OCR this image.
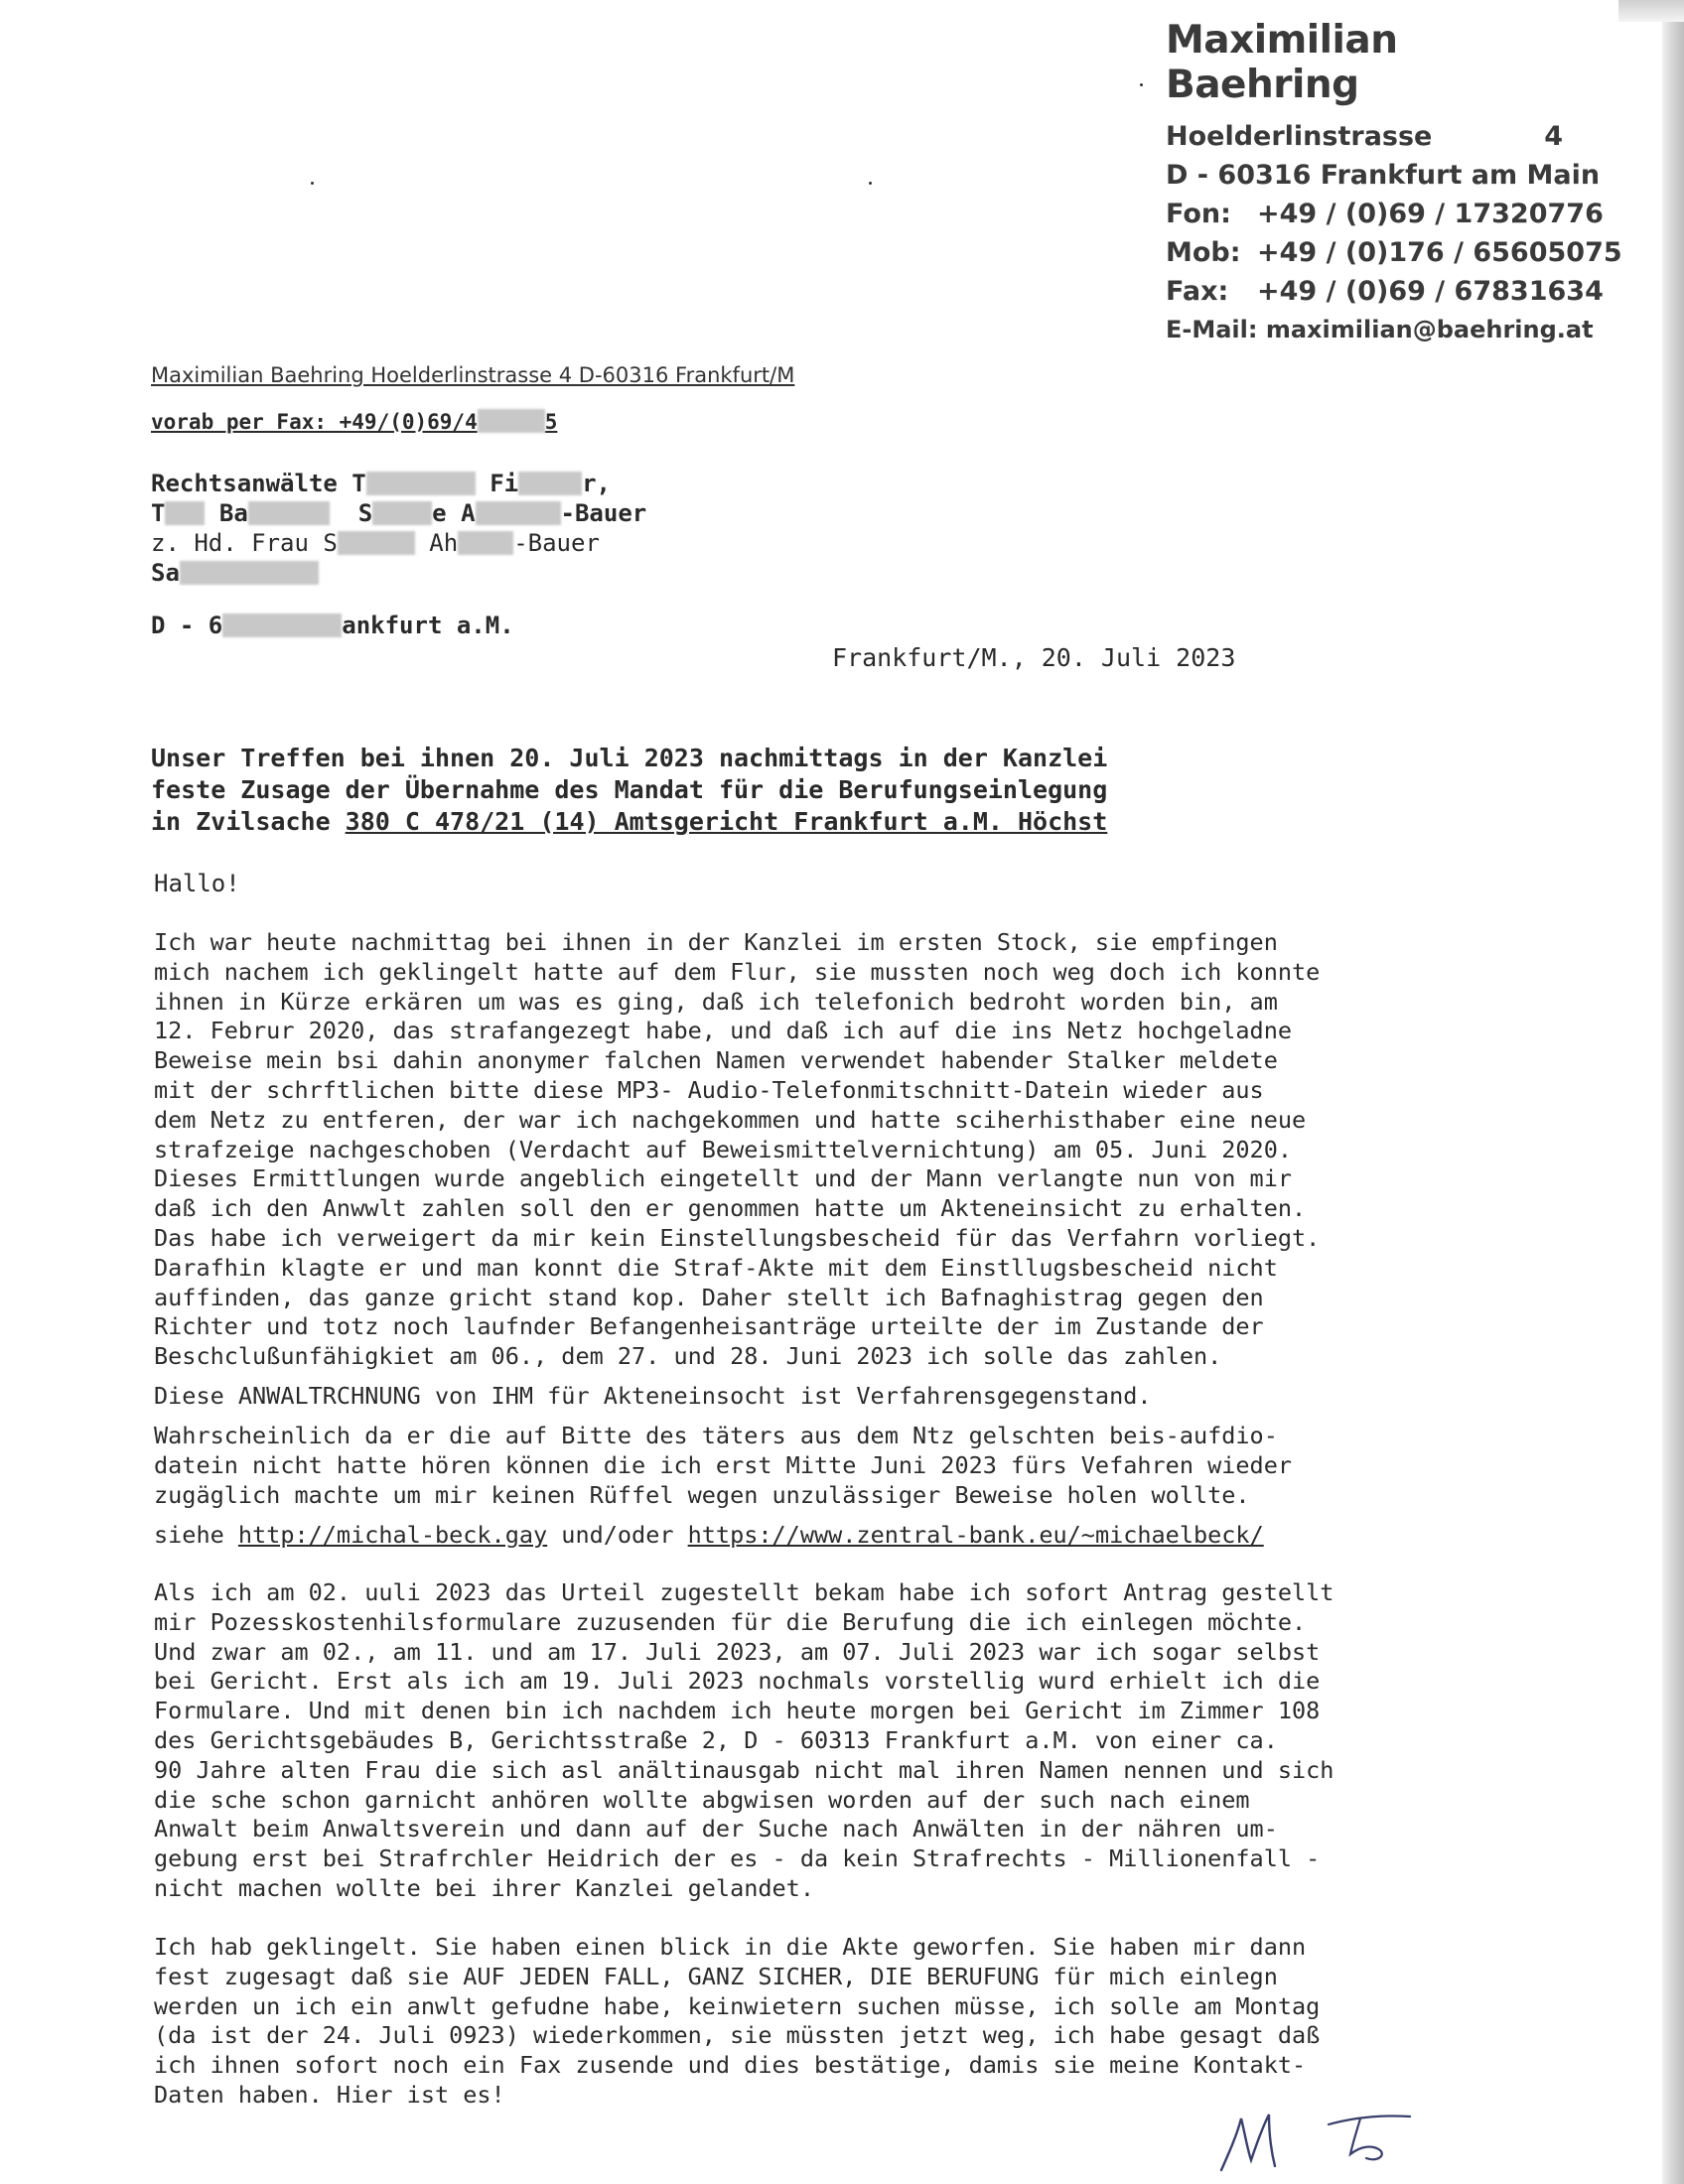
Maximilian Baehring
Hoelderlinstrasse	4
D - 60316 Frankfurt am Main
Fon: +49 / (0)69 / 17320776
Mob: +49 / (0)176 / 65605075
Fax: +49 / (0)69 / 67831634
E-Mail: maximilian@baehring.at
Maximilian Baehring Hoelderlinstrasse 4 D-60316 Frankfurt/M
vorab per Fax: +49/(0)69/4	5
Rechtsanwälte T	Fi	r,
T Ba	S	e A	-Bauer
z. Hd. Frau S	Ah -Bauer
Sa
D - 6	ankfurt a.M.
Frankfurt/M., 20. Juli 2023
Unser Treffen bei ihnen 20. Juli 2023 nachmittags in der Kanzlei
feste Zusage der Übernahme des Mandat für die Berufungseinlegung
in Zvilsache 380 C 478/21 (14) Amtsgericht Frankfurt a.M. Höchst
Hallo!
Ich war heute nachmittag bei ihnen in der Kanzlei im ersten Stock, sie empfingen
mich nachem ich geklingelt hatte auf dem Flur, sie mussten noch weg doch ich konnte
ihnen in Kürze erkären um was es ging, daß ich telefonich bedroht worden bin, am
12. Februr 2020, das strafangezegt habe, und daß ich auf die ins Netz hochgeladne
Beweise mein bsi dahin anonymer falchen Namen verwendet habender Stalker meldete
mit der schrftlichen bitte diese MP3- Audio-Telefonmitschnitt-Datein wieder aus
dem Netz zu entferen, der war ich nachgekommen und hatte sciherhisthaber eine neue
strafzeige nachgeschoben (Verdacht auf Beweismittelvernichtung) am 05. Juni 2020.
Dieses Ermittlungen wurde angeblich eingetellt und der Mann verlangte nun von mir
daß ich den Anwwlt zahlen soll den er genommen hatte um Akteneinsicht zu erhalten.
Das habe ich verweigert da mir kein Einstellungsbescheid für das Verfahrn vorliegt.
Darafhin klagte er und man konnt die Straf-Akte mit dem Einstllugsbescheid nicht
auffinden, das ganze gricht stand kop. Daher stellt ich Bafnaghistrag gegen den
Richter und totz noch laufnder Befangenheisanträge urteilte der im Zustande der
Beschclußunfähigkiet am 06., dem 27. und 28. Juni 2023 ich solle das zahlen.
Diese ANWALTRCHNUNG von IHM für Akteneinsocht ist Verfahrensgegenstand.
Wahrscheinlich da er die auf Bitte des täters aus dem Ntz gelschten beis-aufdio-
datein nicht hatte hören können die ich erst Mitte Juni 2023 fürs Vefahren wieder
zugäglich machte um mir keinen Rüffel wegen unzulässiger Beweise holen wollte.
siehe http://michal-beck.gay und/oder https://www.zentral-bank.eu/~michaelbeck/
Als ich am 02. uuli 2023 das Urteil zugestellt bekam habe ich sofort Antrag gestellt
mir Pozesskostenhilsformulare zuzusenden für die Berufung die ich einlegen möchte.
Und zwar am 02., am 11. und am 17. Juli 2023, am 07. Juli 2023 war ich sogar selbst
bei Gericht. Erst als ich am 19. Juli 2023 nochmals vorstellig wurd erhielt ich die
Formulare. Und mit denen bin ich nachdem ich heute morgen bei Gericht im Zimmer 108
des Gerichtsgebäudes B, Gerichtsstraße 2, D - 60313 Frankfurt a.M. von einer ca.
90 Jahre alten Frau die sich asl anältinausgab nicht mal ihren Namen nennen und sich
die sche schon garnicht anhören wollte abgwisen worden auf der such nach einem
Anwalt beim Anwaltsverein und dann auf der Suche nach Anwälten in der nähren um-
gebung erst bei Strafrchler Heidrich der es - da kein Strafrechts - Millionenfall -
nicht machen wollte bei ihrer Kanzlei gelandet.
Ich hab geklingelt. Sie haben einen blick in die Akte geworfen. Sie haben mir dann
fest zugesagt daß sie AUF JEDEN FALL, GANZ SICHER, DIE BERUFUNG für mich einlegn
werden un ich ein anwlt gefudne habe, keinwietern suchen müsse, ich solle am Montag
(da ist der 24. Juli 0923) wiederkommen, sie müssten jetzt weg, ich habe gesagt daß
ich ihnen sofort noch ein Fax zusende und dies bestätige, damis sie meine Kontakt-
Daten haben. Hier ist es!
